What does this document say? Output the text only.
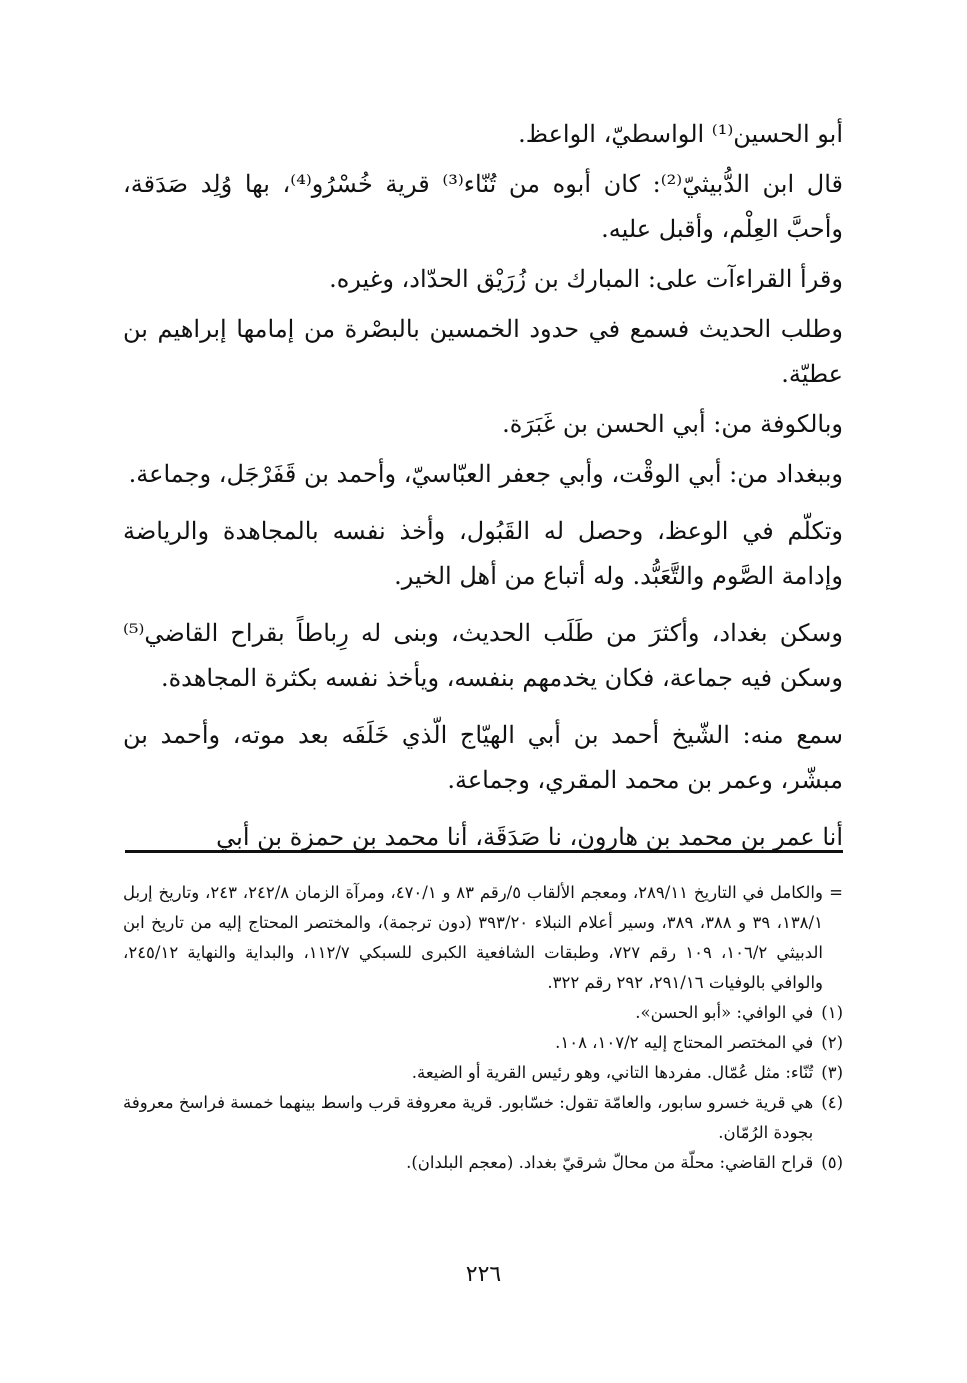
أبو الحسين⁽¹⁾ الواسطيّ، الواعظ.

قال ابن الدُّبيثيّ⁽²⁾: كان أبوه من تُنّاء⁽³⁾ قرية خُسْرُو⁽⁴⁾، بها وُلِد صَدَقة، وأحبَّ العِلْم، وأقبل عليه.

وقرأ القراءآت على: المبارك بن زُرَيْق الحدّاد، وغيره.

وطلب الحديث فسمع في حدود الخمسين بالبصْرة من إمامها إبراهيم بن عطيّة.

وبالكوفة من: أبي الحسن بن غَبَرَة.

وببغداد من: أبي الوقْت، وأبي جعفر العبّاسيّ، وأحمد بن قَفَرْجَل، وجماعة.

وتكلّم في الوعظ، وحصل له القَبُول، وأخذ نفسه بالمجاهدة والرياضة وإدامة الصَّوم والتَّعَبُّد. وله أتباع من أهل الخير.

وسكن بغداد، وأكثرَ من طَلَب الحديث، وبنى له رِباطاً بقراح القاضي⁽⁵⁾ وسكن فيه جماعة، فكان يخدمهم بنفسه، ويأخذ نفسه بكثرة المجاهدة.

سمع منه: الشّيخ أحمد بن أبي الهيّاج الّذي خَلَفَه بعد موته، وأحمد بن مبشّر، وعمر بن محمد المقري، وجماعة.

أنا عمر بن محمد بن هارون، نا صَدَقَة، أنا محمد بن حمزة بن أبي

=
والكامل في التاريخ ٢٨٩/١١، ومعجم الألقاب ٥/رقم ٨٣ و ٤٧٠/١، ومرآة الزمان ٢٤٢/٨، ٢٤٣، وتاريخ إربل ١٣٨/١، ٣٩ و ٣٨٨، ٣٨٩، وسير أعلام النبلاء ٣٩٣/٢٠ (دون ترجمة)، والمختصر المحتاج إليه من تاريخ ابن الدبيثي ١٠٦/٢، ١٠٩ رقم ٧٢٧، وطبقات الشافعية الكبرى للسبكي ١١٢/٧، والبداية والنهاية ٢٤٥/١٢، والوافي بالوفيات ٢٩١/١٦، ٢٩٢ رقم ٣٢٢.

(١)
في الوافي: «أبو الحسن».
(٢)
في المختصر المحتاج إليه ١٠٧/٢، ١٠٨.
(٣)
تُنّاء: مثل عُمّال. مفردها التاني، وهو رئيس القرية أو الضيعة.
(٤)
هي قرية خسرو سابور، والعامّة تقول: خسّابور. قرية معروفة قرب واسط بينهما خمسة فراسخ معروفة بجودة الرُمّان.
(٥)
قراح القاضي: محلّة من محالّ شرقيّ بغداد. (معجم البلدان).
٢٢٦
